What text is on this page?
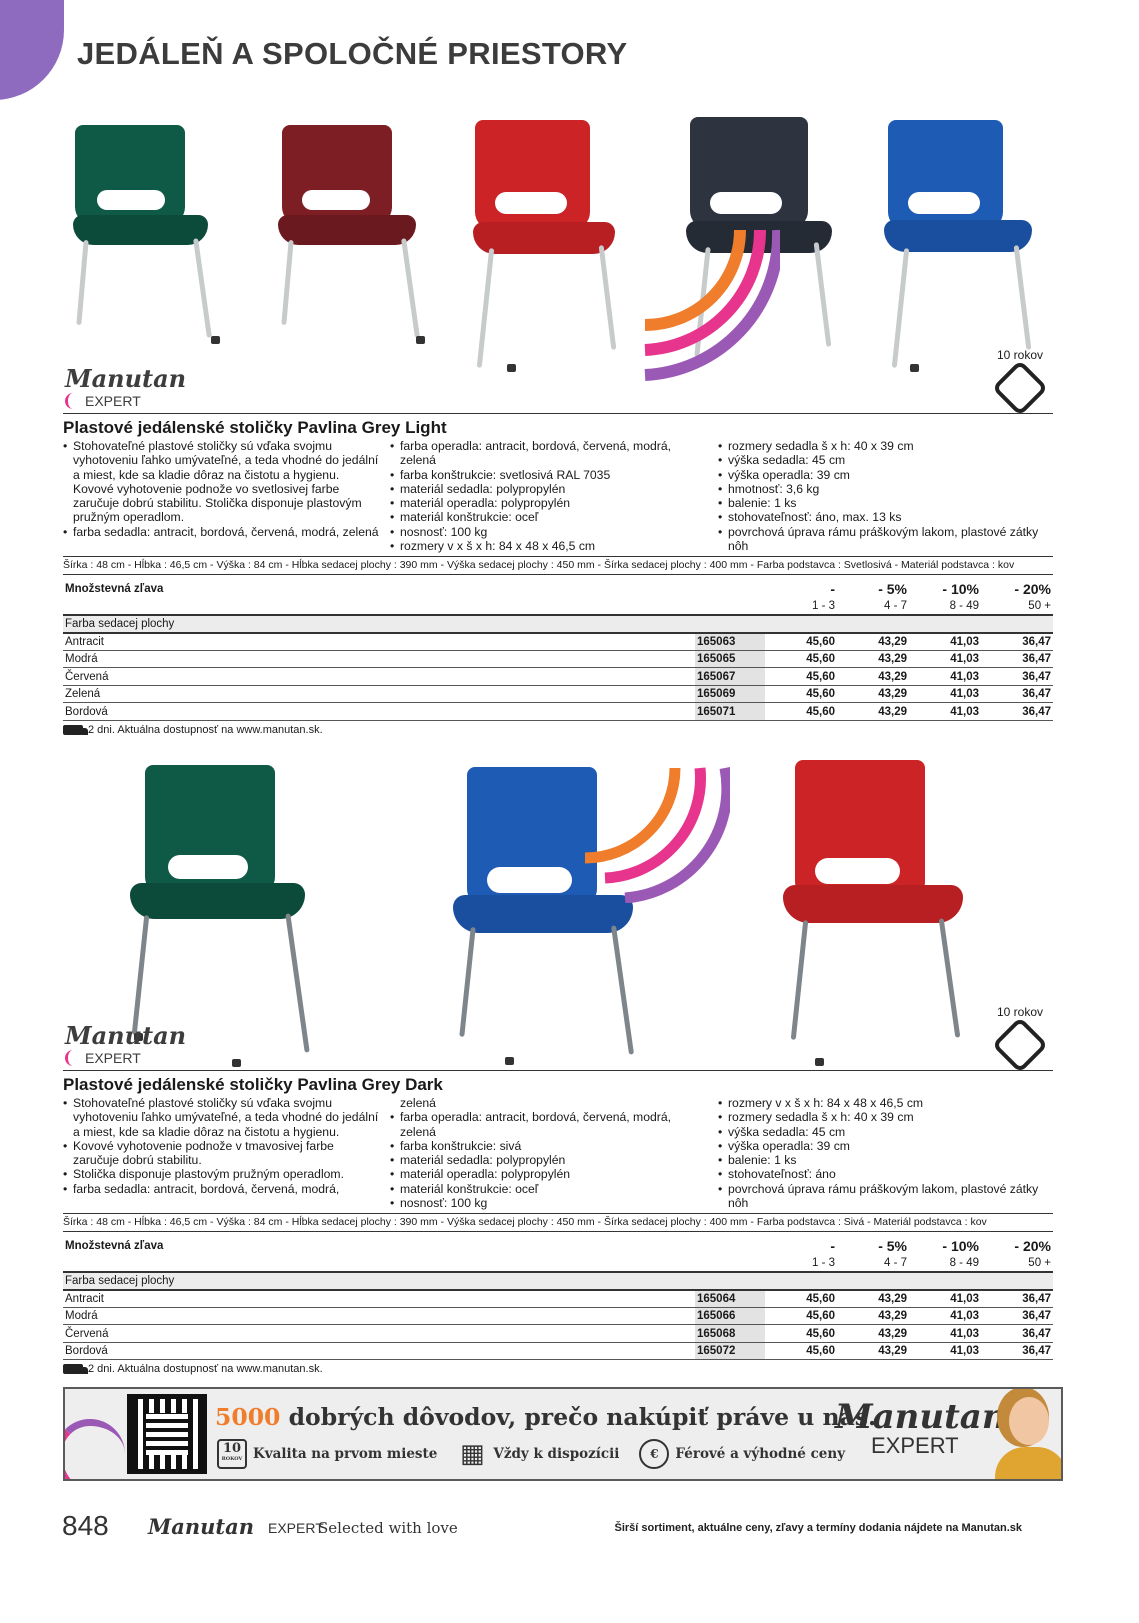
JEDÁLEŇ A SPOLOČNÉ PRIESTORY
Manutan
EXPERT
10 rokov
Plastové jedálenské stoličky Pavlina Grey Light
• Stohovateľné plastové stoličky sú vďaka svojmu vyhotoveniu ľahko umývateľné, a teda vhodné do jedální a miest, kde sa kladie dôraz na čistotu a hygienu. Kovové vyhotovenie podnože vo svetlosivej farbe zaručuje dobrú stabilitu. Stolička disponuje plastovým pružným operadlom.
• farba sedadla: antracit, bordová, červená, modrá, zelená
• farba operadla: antracit, bordová, červená, modrá, zelená
• farba konštrukcie: svetlosivá RAL 7035
• materiál sedadla: polypropylén
• materiál operadla: polypropylén
• materiál konštrukcie: oceľ
• nosnosť: 100 kg
• rozmery v x š x h: 84 x 48 x 46,5 cm
• rozmery sedadla š x h: 40 x 39 cm
• výška sedadla: 45 cm
• výška operadla: 39 cm
• hmotnosť: 3,6 kg
• balenie: 1 ks
• stohovateľnosť: áno, max. 13 ks
• povrchová úprava rámu práškovým lakom, plastové zátky nôh
Šírka : 48 cm - Hĺbka : 46,5 cm - Výška : 84 cm - Hĺbka sedacej plochy : 390 mm - Výška sedacej plochy : 450 mm - Šírka sedacej plochy : 400 mm - Farba podstavca : Svetlosivá - Materiál podstavca : kov
Množstevná zľava		-	- 5%	- 10%	- 20%
		1 - 3	4 - 7	8 - 49	50 +
Farba sedacej plochy					
Antracit	165063	45,60	43,29	41,03	36,47
Modrá	165065	45,60	43,29	41,03	36,47
Červená	165067	45,60	43,29	41,03	36,47
Zelená	165069	45,60	43,29	41,03	36,47
Bordová	165071	45,60	43,29	41,03	36,47
2 dni. Aktuálna dostupnosť na www.manutan.sk.
Manutan
EXPERT
10 rokov
Plastové jedálenské stoličky Pavlina Grey Dark
• Stohovateľné plastové stoličky sú vďaka svojmu vyhotoveniu ľahko umývateľné, a teda vhodné do jedální a miest, kde sa kladie dôraz na čistotu a hygienu.
• Kovové vyhotovenie podnože v tmavosivej farbe zaručuje dobrú stabilitu.
• Stolička disponuje plastovým pružným operadlom.
• farba sedadla: antracit, bordová, červená, modrá,
zelená
• farba operadla: antracit, bordová, červená, modrá, zelená
• farba konštrukcie: sivá
• materiál sedadla: polypropylén
• materiál operadla: polypropylén
• materiál konštrukcie: oceľ
• nosnosť: 100 kg
• rozmery v x š x h: 84 x 48 x 46,5 cm
• rozmery sedadla š x h: 40 x 39 cm
• výška sedadla: 45 cm
• výška operadla: 39 cm
• balenie: 1 ks
• stohovateľnosť: áno
• povrchová úprava rámu práškovým lakom, plastové zátky nôh
Šírka : 48 cm - Hĺbka : 46,5 cm - Výška : 84 cm - Hĺbka sedacej plochy : 390 mm - Výška sedacej plochy : 450 mm - Šírka sedacej plochy : 400 mm - Farba podstavca : Sivá - Materiál podstavca : kov
Množstevná zľava		-	- 5%	- 10%	- 20%
		1 - 3	4 - 7	8 - 49	50 +
Farba sedacej plochy					
Antracit	165064	45,60	43,29	41,03	36,47
Modrá	165066	45,60	43,29	41,03	36,47
Červená	165068	45,60	43,29	41,03	36,47
Bordová	165072	45,60	43,29	41,03	36,47
2 dni. Aktuálna dostupnosť na www.manutan.sk.
5000 dobrých dôvodov, prečo nakúpiť práve u nás.
10
ROKOV Kvalita na prvom mieste ▦ Vždy k dispozícii	€	Férové a výhodné ceny
Manutan
EXPERT
848 Manutan EXPERT
Selected with love	Širší sortiment, aktuálne ceny, zľavy a termíny dodania nájdete na Manutan.sk
